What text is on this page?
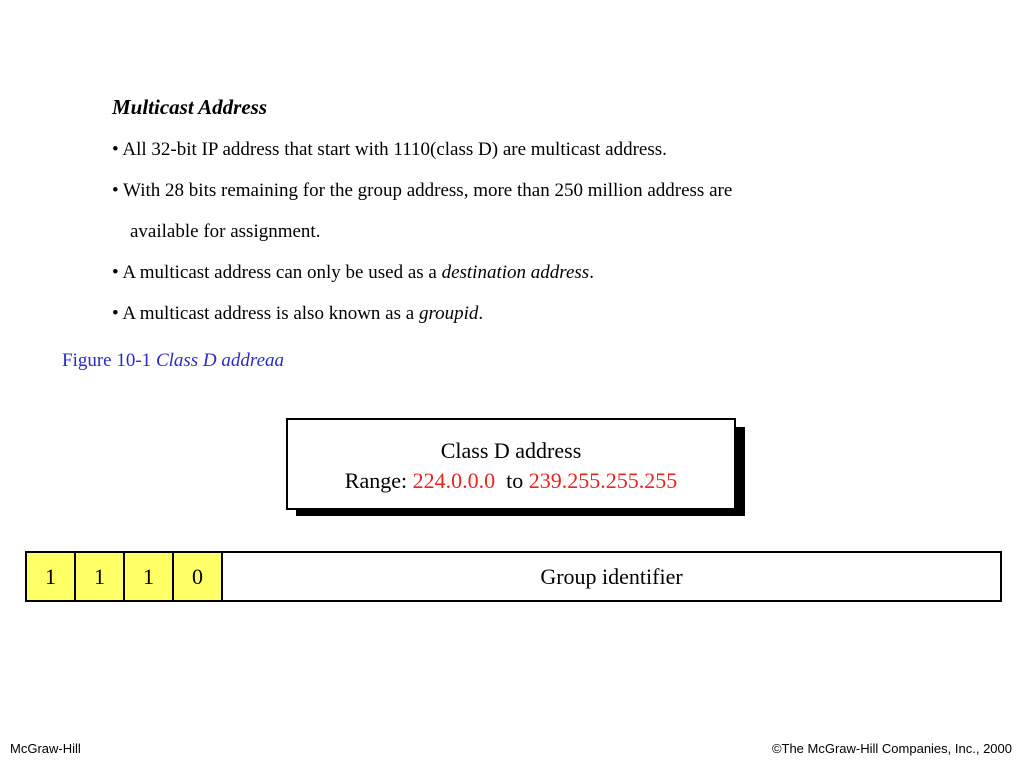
Multicast Address
• All 32-bit IP address that start with 1110(class D) are multicast address.
• With 28 bits remaining for the group address, more than 250 million address are
available for assignment.
• A multicast address can only be used as a destination address.
• A multicast address is also known as a groupid.
Figure 10-1 Class D addreaa
Class D address
Range: 224.0.0.0  to 239.255.255.255
1	1	1	0	Group identifier
McGraw-Hill	©The McGraw-Hill Companies, Inc., 2000
